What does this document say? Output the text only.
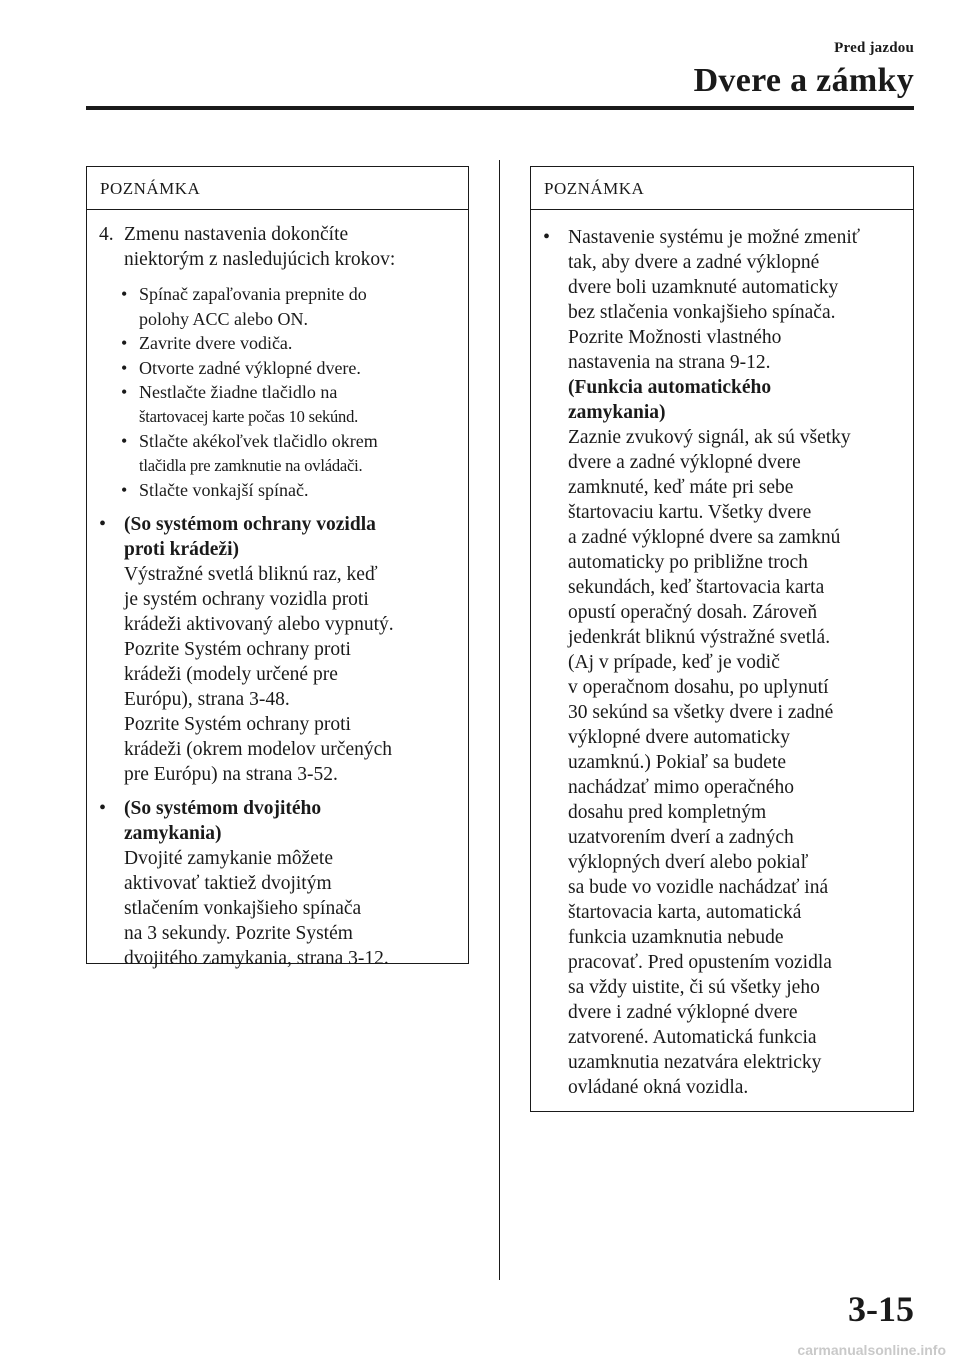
Pred jazdou
Dvere a zámky
POZNÁMKA
4. Zmenu nastavenia dokončíte
niektorým z nasledujúcich krokov:
• Spínač zapaľovania prepnite do
polohy ACC alebo ON.
• Zavrite dvere vodiča.
• Otvorte zadné výklopné dvere.
• Nestlačte žiadne tlačidlo na
štartovacej karte počas 10 sekúnd.
• Stlačte akékoľvek tlačidlo okrem
tlačidla pre zamknutie na ovládači.
• Stlačte vonkajší spínač.
• (So systémom ochrany vozidla
proti krádeži)
Výstražné svetlá bliknú raz, keď
je systém ochrany vozidla proti
krádeži aktivovaný alebo vypnutý.
Pozrite Systém ochrany proti
krádeži (modely určené pre
Európu), strana 3-48.
Pozrite Systém ochrany proti
krádeži (okrem modelov určených
pre Európu) na strana 3-52.
• (So systémom dvojitého
zamykania)
Dvojité zamykanie môžete
aktivovať taktiež dvojitým
stlačením vonkajšieho spínača
na 3 sekundy. Pozrite Systém
dvojitého zamykania, strana 3-12.
POZNÁMKA
• Nastavenie systému je možné zmeniť
tak, aby dvere a zadné výklopné
dvere boli uzamknuté automaticky
bez stlačenia vonkajšieho spínača.
Pozrite Možnosti vlastného
nastavenia na strana 9-12.
(Funkcia automatického
zamykania)
Zaznie zvukový signál, ak sú všetky
dvere a zadné výklopné dvere
zamknuté, keď máte pri sebe
štartovaciu kartu. Všetky dvere
a zadné výklopné dvere sa zamknú
automaticky po približne troch
sekundách, keď štartovacia karta
opustí operačný dosah. Zároveň
jedenkrát bliknú výstražné svetlá.
(Aj v prípade, keď je vodič
v operačnom dosahu, po uplynutí
30 sekúnd sa všetky dvere i zadné
výklopné dvere automaticky
uzamknú.) Pokiaľ sa budete
nachádzať mimo operačného
dosahu pred kompletným
uzatvorením dverí a zadných
výklopných dverí alebo pokiaľ
sa bude vo vozidle nachádzať iná
štartovacia karta, automatická
funkcia uzamknutia nebude
pracovať. Pred opustením vozidla
sa vždy uistite, či sú všetky jeho
dvere i zadné výklopné dvere
zatvorené. Automatická funkcia
uzamknutia nezatvára elektricky
ovládané okná vozidla.
3-15
carmanualsonline.info
